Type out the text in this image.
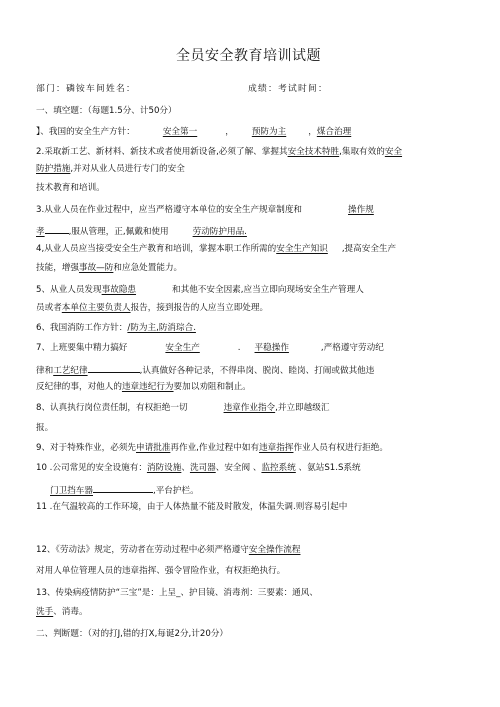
全员安全教育培训试题
部门：磷铵车间姓名：	成绩：考试时间：
一、填空题：（每题1.5分、计50分）
】、我国的安全生产方针：	安全第一	， 预防为主	，煤合治理
2.采取新工艺、新材料、新技术或者使用新设备,必须了解、掌握其安全技术特胜,集取有效的安全
防护措施,并对从业人员进行专门的安全
技术教育和培训。
3.从业人员在作业过程中，应当严格遵守本单位的安全生产规章制度和	操作规
孝	,服从管理，正,佩戴和使用	劳动防护用品.
4,从业人员应当接受安全生产教育和培训，掌握本职工作所需的安全生产知识 ,提高安全生产
技能，增强事故—防和应急处置能力。
5、从业人员发现事故隐患	和其他不安全因素,应当立即向现场安全生产管理人
员或者本单位主要负责人报告，接到报告的人应当立即处理。
6、我国消防工作方针：/防为主,防消琮合.
7、上班要集中精力搞好	安全生产	. 平稳操作	,严格遵守劳动纪
律和工艺纪律	,认真做好各种记录，不得串岗、脱岗、睦岗、打闹或做其他违
反纪律的事，对他人的违章违纪行为要加以劝阻和制止。
8、认真执行岗位责任制，有权拒绝一切	违章作业指令,并立即越级汇
报。
9、对于特殊作业，必须先申请批准再作业,作业过程中如有违章指挥作业人员有权进行拒绝。
10 .公司常见的安全设施有：消防设施、洗司器、安全阀 、监控系统 、氨站S1.S系统
门卫挡车器	,平台护栏。
11 .在气温较高的工作环境，由于人体热量不能及时散发，体温失调.则容易引起中
12、《劳动法》规定，劳动者在劳动过程中必须严格遵守安全操作流程
对用人单位管理人员的违章指挥、强令冒险作业，有权拒绝执行。
13、传染病疫情防护“三宝”是：上呈_、护目镜、消毒剂：三要素：通风、
洗手、消毒。
二、判断题：（对的打J,错的打X,每诞2分,计20分）
